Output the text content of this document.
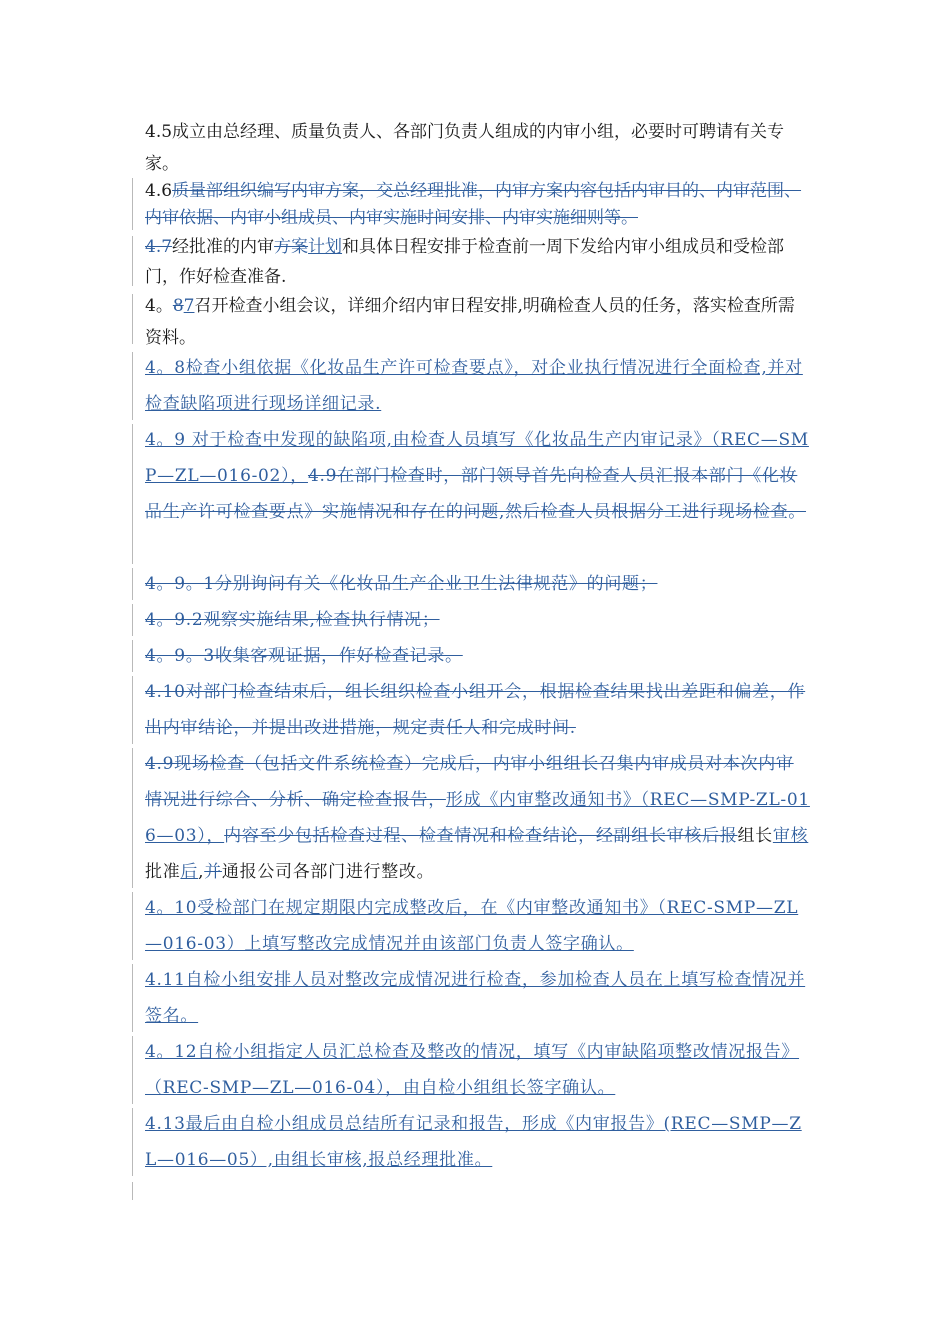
4.5成立由总经理、质量负责人、各部门负责人组成的内审小组，必要时可聘请有关专家。
4.6质量部组织编写内审方案，交总经理批准，内审方案内容包括内审目的、内审范围、内审依据、内审小组成员、内审实施时间安排、内审实施细则等。
4.7经批准的内审方案计划和具体日程安排于检查前一周下发给内审小组成员和受检部门，作好检查准备.
4。87召开检查小组会议，详细介绍内审日程安排,明确检查人员的任务，落实检查所需资料。
4。8检查小组依据《化妆品生产许可检查要点》，对企业执行情况进行全面检查,并对检查缺陷项进行现场详细记录.
4。9 对于检查中发现的缺陷项,由检查人员填写《化妆品生产内审记录》（REC—SMP—ZL—016-02），4.9在部门检查时，部门领导首先向检查人员汇报本部门《化妆品生产许可检查要点》实施情况和存在的问题,然后检查人员根据分工进行现场检查。
4。9。1分别询问有关《化妆品生产企业卫生法律规范》的问题；
4。9.2观察实施结果,检查执行情况；
4。9。3收集客观证据，作好检查记录。
4.10对部门检查结束后，组长组织检查小组开会，根据检查结果找出差距和偏差，作出内审结论，并提出改进措施，规定责任人和完成时间.
4.9现场检查（包括文件系统检查）完成后，内审小组组长召集内审成员对本次内审情况进行综合、分析、确定检查报告，形成《内审整改通知书》（REC—SMP-ZL-016—03），内容至少包括检查过程、检查情况和检查结论，经副组长审核后报组长审核批准后,并通报公司各部门进行整改。
4。10受检部门在规定期限内完成整改后，在《内审整改通知书》（REC-SMP—ZL—016-03）上填写整改完成情况并由该部门负责人签字确认。
4.11自检小组安排人员对整改完成情况进行检查，参加检查人员在上填写检查情况并签名。
4。12自检小组指定人员汇总检查及整改的情况，填写《内审缺陷项整改情况报告》（REC-SMP—ZL—016-04），由自检小组组长签字确认。
4.13最后由自检小组成员总结所有记录和报告，形成《内审报告》(REC—SMP—ZL—016—05）,由组长审核,报总经理批准。
